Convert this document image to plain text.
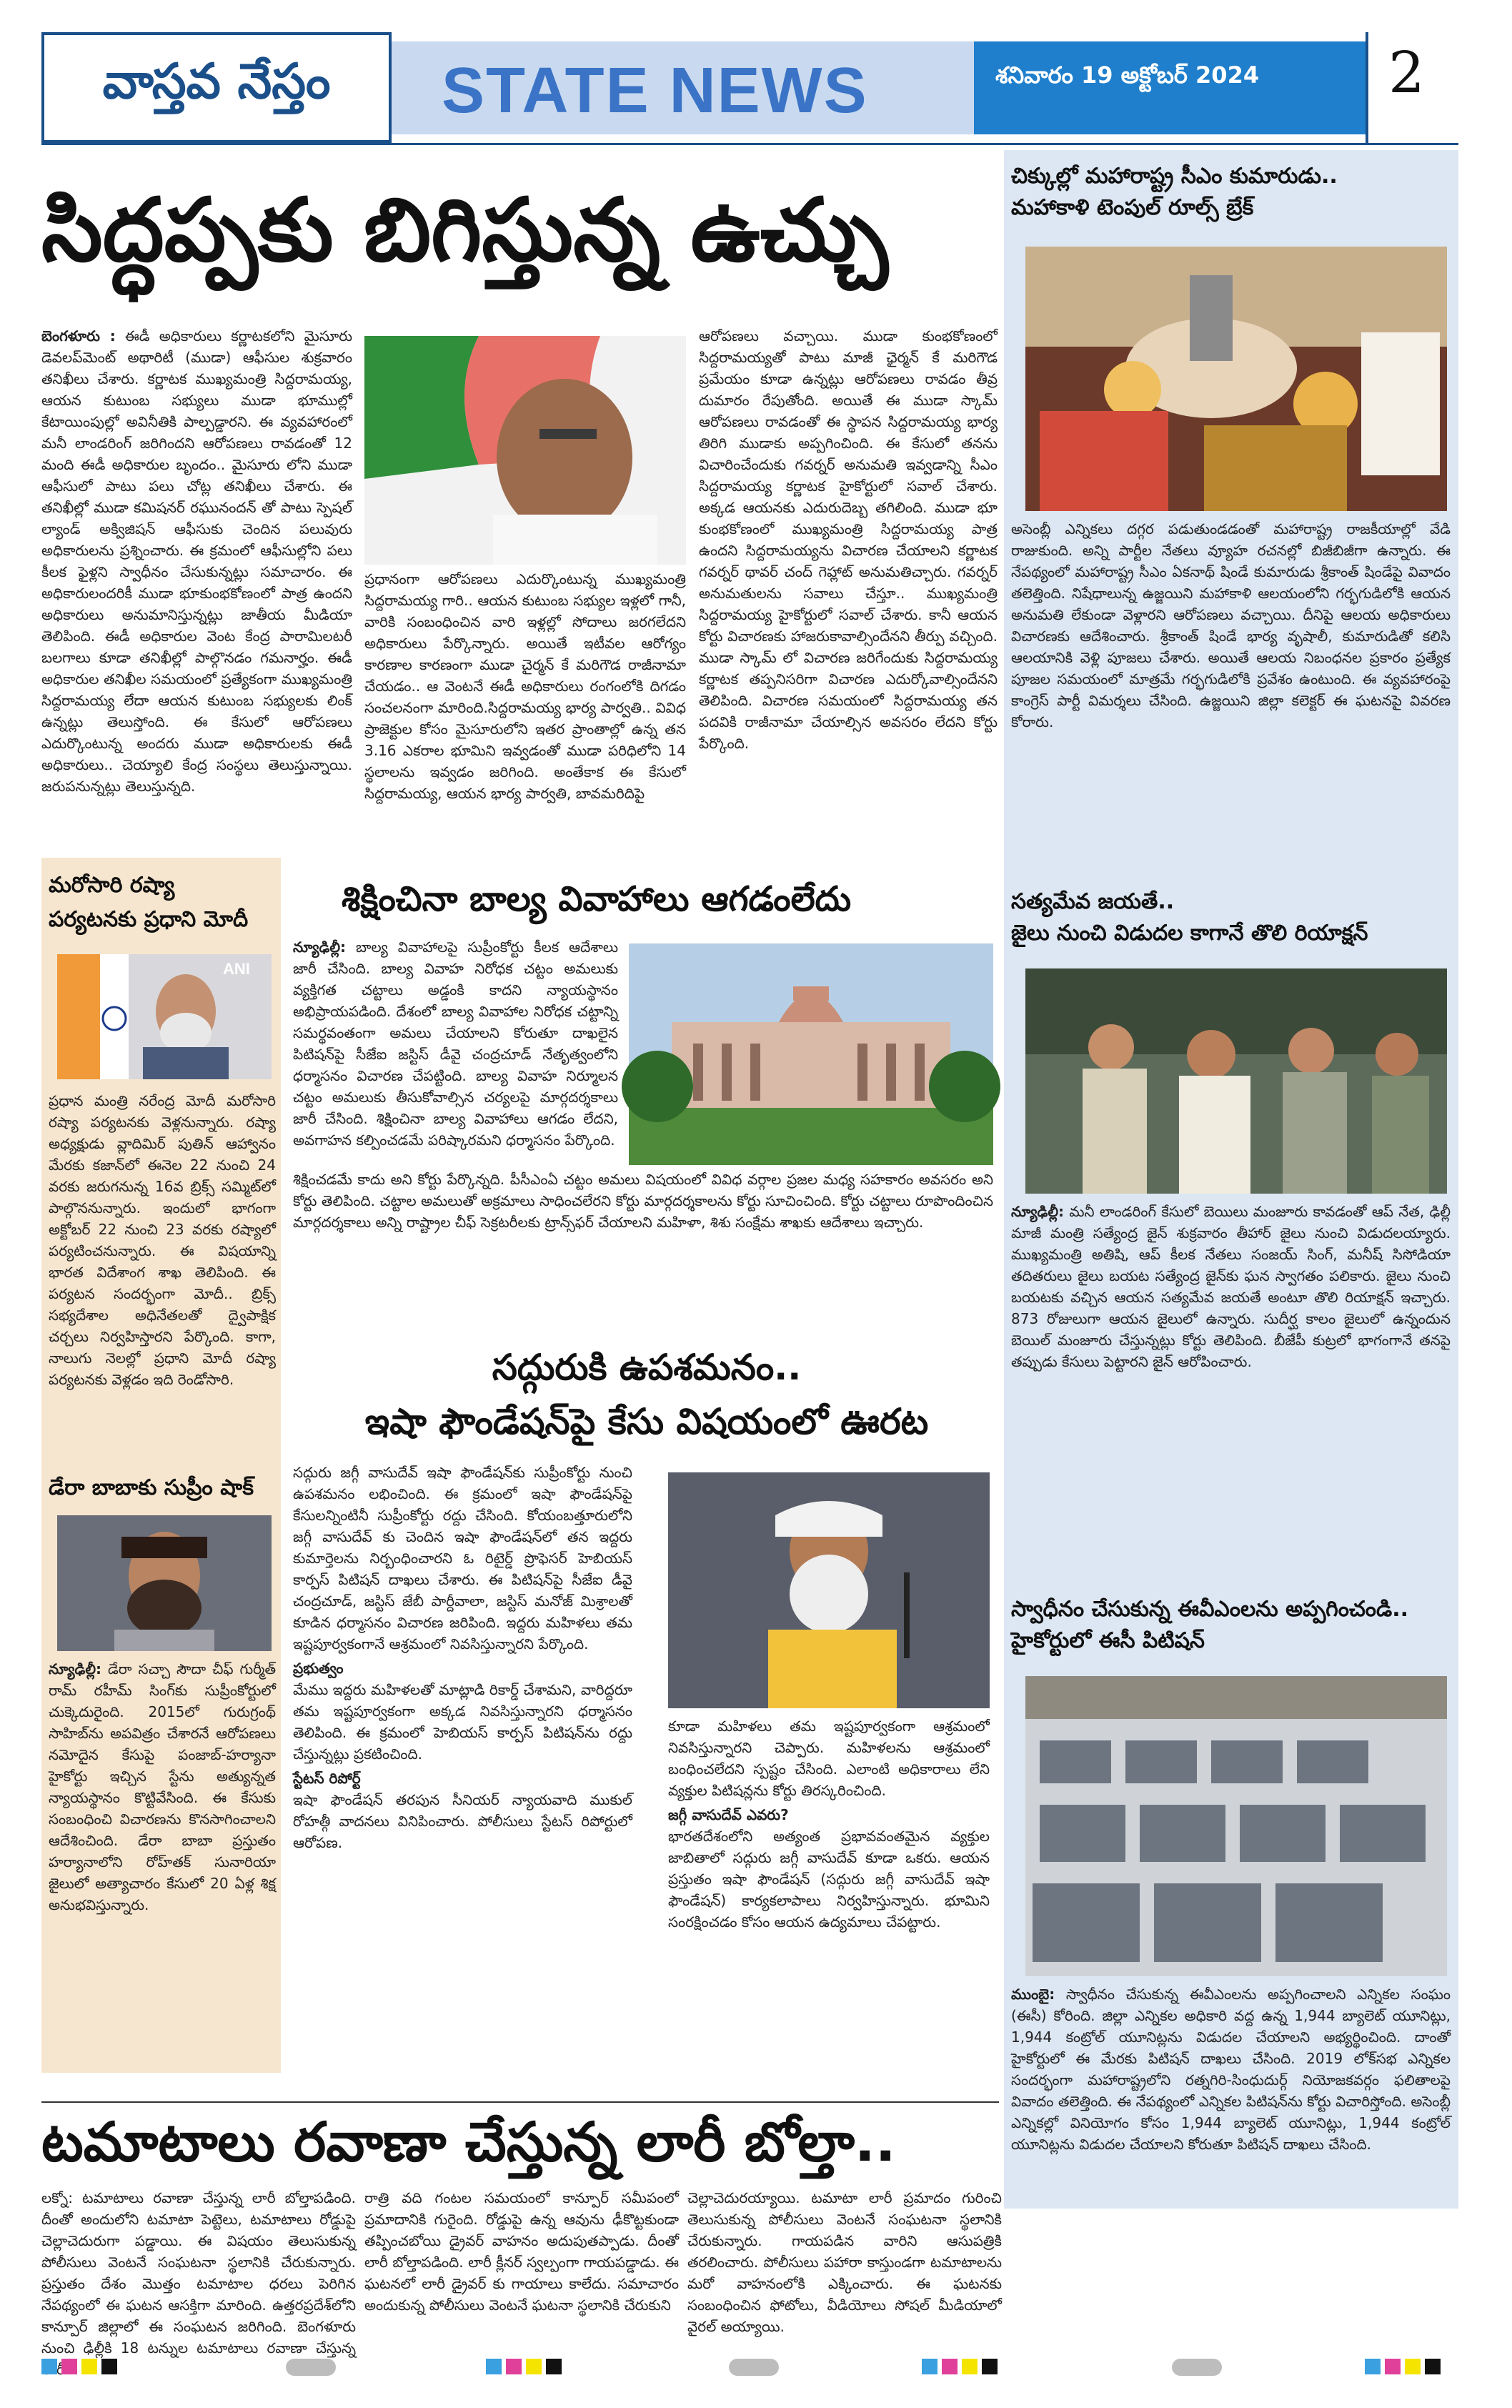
వాస్తవ నేస్తం STATE NEWS	శనివారం 19 అక్టోబర్ 2024 2
చిక్కుల్లో మహారాష్ట్ర సీఎం కుమారుడు..
మహాకాళి టెంపుల్ రూల్స్ బ్రేక్
అసెంబ్లీ ఎన్నికలు దగ్గర పడుతుండడంతో మహారాష్ట్ర రాజకీయాల్లో వేడి రాజుకుంది. అన్ని పార్టీల నేతలు వ్యూహ రచనల్లో బిజీబిజీగా ఉన్నారు. ఈ నేపథ్యంలో మహారాష్ట్ర సీఎం ఏకనాథ్ షిండే కుమారుడు శ్రీకాంత్ షిండేపై వివాదం తలెత్తింది. నిషేధాలున్న ఉజ్జయిని మహాకాళి ఆలయంలోని గర్భగుడిలోకి ఆయన అనుమతి లేకుండా వెళ్లారని ఆరోపణలు వచ్చాయి. దీనిపై ఆలయ అధికారులు విచారణకు ఆదేశించారు. శ్రీకాంత్ షిండే భార్య వృషాలీ, కుమారుడితో కలిసి ఆలయానికి వెళ్లి పూజలు చేశారు. అయితే ఆలయ నిబంధనల ప్రకారం ప్రత్యేక పూజల సమయంలో మాత్రమే గర్భగుడిలోకి ప్రవేశం ఉంటుంది. ఈ వ్యవహారంపై కాంగ్రెస్ పార్టీ విమర్శలు చేసింది. ఉజ్జయిని జిల్లా కలెక్టర్ ఈ ఘటనపై వివరణ కోరారు.
సత్యమేవ జయతే..
జైలు నుంచి విడుదల కాగానే తొలి రియాక్షన్
న్యూఢిల్లీ: మనీ లాండరింగ్ కేసులో బెయిలు మంజూరు కావడంతో ఆప్ నేత, ఢిల్లీ మాజీ మంత్రి సత్యేంద్ర జైన్ శుక్రవారం తీహార్ జైలు నుంచి విడుదలయ్యారు. ముఖ్యమంత్రి అతిషి, ఆప్ కీలక నేతలు సంజయ్ సింగ్, మనీష్ సిసోడియా తదితరులు జైలు బయట సత్యేంద్ర జైన్‌కు ఘన స్వాగతం పలికారు. జైలు నుంచి బయటకు వచ్చిన ఆయన సత్యమేవ జయతే అంటూ తొలి రియాక్షన్ ఇచ్చారు. 873 రోజులుగా ఆయన జైలులో ఉన్నారు. సుదీర్ఘ కాలం జైలులో ఉన్నందున బెయిల్ మంజూరు చేస్తున్నట్లు కోర్టు తెలిపింది. బీజేపీ కుట్రలో భాగంగానే తనపై తప్పుడు కేసులు పెట్టారని జైన్ ఆరోపించారు.
స్వాధీనం చేసుకున్న ఈవీఎంలను అప్పగించండి..
హైకోర్టులో ఈసీ పిటిషన్
ముంబై: స్వాధీనం చేసుకున్న ఈవీఎంలను అప్పగించాలని ఎన్నికల సంఘం (ఈసీ) కోరింది. జిల్లా ఎన్నికల అధికారి వద్ద ఉన్న 1,944 బ్యాలెట్ యూనిట్లు, 1,944 కంట్రోల్ యూనిట్లను విడుదల చేయాలని అభ్యర్థించింది. దాంతో హైకోర్టులో ఈ మేరకు పిటిషన్ దాఖలు చేసింది. 2019 లోక్‌సభ ఎన్నికల సందర్భంగా మహారాష్ట్రలోని రత్నగిరి-సింధుదుర్గ్ నియోజకవర్గం ఫలితాలపై వివాదం తలెత్తింది. ఈ నేపథ్యంలో ఎన్నికల పిటిషన్‌ను కోర్టు విచారిస్తోంది. అసెంబ్లీ ఎన్నికల్లో వినియోగం కోసం 1,944 బ్యాలెట్ యూనిట్లు, 1,944 కంట్రోల్ యూనిట్లను విడుదల చేయాలని కోరుతూ పిటిషన్ దాఖలు చేసింది.
సిద్ధప్పకు బిగిస్తున్న ఉచ్చు
బెంగళూరు : ఈడీ అధికారులు కర్ణాటకలోని మైసూరు డెవలప్‌మెంట్ అథారిటీ (ముడా) ఆఫీసుల శుక్రవారం తనిఖీలు చేశారు. కర్ణాటక ముఖ్యమంత్రి సిద్దరామయ్య, ఆయన కుటుంబ సభ్యులు ముడా భూముల్లో కేటాయింపుల్లో అవినీతికి పాల్పడ్డారని. ఈ వ్యవహారంలో మనీ లాండరింగ్ జరిగిందని ఆరోపణలు రావడంతో 12 మంది ఈడీ అధికారుల బృందం.. మైసూరు లోని ముడా ఆఫీసులో పాటు పలు చోట్ల తనిఖీలు చేశారు. ఈ తనిఖీల్లో ముడా కమిషనర్ రఘునందన్ తో పాటు స్పెషల్ ల్యాండ్ అక్విజిషన్ ఆఫీసుకు చెందిన పలువురు అధికారులను ప్రశ్నించారు. ఈ క్రమంలో ఆఫీసుల్లోని పలు కీలక ఫైళ్లని స్వాధీనం చేసుకున్నట్లు సమాచారం. ఈ అధికారులందరికీ ముడా భూకుంభకోణంలో పాత్ర ఉందని అధికారులు అనుమానిస్తున్నట్లు జాతీయ మీడియా తెలిపింది. ఈడీ అధికారుల వెంట కేంద్ర పారామిలటరీ బలగాలు కూడా తనిఖీల్లో పాల్గొనడం గమనార్హం. ఈడీ అధికారుల తనిఖీల సమయంలో ప్రత్యేకంగా ముఖ్యమంత్రి సిద్దరామయ్య లేదా ఆయన కుటుంబ సభ్యులకు లింక్ ఉన్నట్లు తెలుస్తోంది. ఈ కేసులో ఆరోపణలు ఎదుర్కొంటున్న అందరు ముడా అధికారులకు ఈడీ అధికారులు.. చెయ్యాలి కేంద్ర సంస్థలు తెలుస్తున్నాయి. జరుపనున్నట్లు తెలుస్తున్నది.
ప్రధానంగా ఆరోపణలు ఎదుర్కొంటున్న ముఖ్యమంత్రి సిద్దరామయ్య గారి.. ఆయన కుటుంబ సభ్యుల ఇళ్లలో గానీ, వారికి సంబంధించిన వారి ఇళ్లల్లో సోదాలు జరగలేదని అధికారులు పేర్కొన్నారు. అయితే ఇటీవల ఆరోగ్యం కారణాల కారణంగా ముడా చైర్మన్ కే మరిగౌడ రాజీనామా చేయడం.. ఆ వెంటనే ఈడీ అధికారులు రంగంలోకి దిగడం సంచలనంగా మారింది.సిద్దరామయ్య భార్య పార్వతి.. వివిధ ప్రాజెక్టుల కోసం మైసూరులోని ఇతర ప్రాంతాల్లో ఉన్న తన 3.16 ఎకరాల భూమిని ఇవ్వడంతో ముడా పరిధిలోని 14 స్థలాలను ఇవ్వడం జరిగింది. అంతేకాక ఈ కేసులో సిద్దరామయ్య, ఆయన భార్య పార్వతి, బావమరిదిపై
ఆరోపణలు వచ్చాయి. ముడా కుంభకోణంలో సిద్దరామయ్యతో పాటు మాజీ ఛైర్మన్ కే మరిగౌడ ప్రమేయం కూడా ఉన్నట్లు ఆరోపణలు రావడం తీవ్ర దుమారం రేపుతోంది. అయితే ఈ ముడా స్కామ్ ఆరోపణలు రావడంతో ఈ స్థాపన సిద్దరామయ్య భార్య తిరిగి ముడాకు అప్పగించింది. ఈ కేసులో తనను విచారించేందుకు గవర్నర్ అనుమతి ఇవ్వడాన్ని సీఎం సిద్దరామయ్య కర్ణాటక హైకోర్టులో సవాల్ చేశారు. అక్కడ ఆయనకు ఎదురుదెబ్బ తగిలింది. ముడా భూ కుంభకోణంలో ముఖ్యమంత్రి సిద్దరామయ్య పాత్ర ఉందని సిద్దరామయ్యను విచారణ చేయాలని కర్ణాటక గవర్నర్ థావర్ చంద్ గెహ్లాట్ అనుమతిచ్చారు. గవర్నర్ అనుమతులను సవాలు చేస్తూ.. ముఖ్యమంత్రి సిద్దరామయ్య హైకోర్టులో సవాల్ చేశారు. కానీ ఆయన కోర్టు విచారణకు హాజరుకావాల్సిందేనని తీర్పు వచ్చింది. ముడా స్కామ్ లో విచారణ జరిగేందుకు సిద్దరామయ్య కర్ణాటక తప్పనిసరిగా విచారణ ఎదుర్కోవాల్సిందేనని తెలిపింది. విచారణ సమయంలో సిద్దరామయ్య తన పదవికి రాజీనామా చేయాల్సిన అవసరం లేదని కోర్టు పేర్కొంది.
మరోసారి రష్యా
పర్యటనకు ప్రధాని మోదీ
ANI
ప్రధాన మంత్రి నరేంద్ర మోదీ మరోసారి రష్యా పర్యటనకు వెళ్లనున్నారు. రష్యా అధ్యక్షుడు వ్లాదిమిర్ పుతిన్ ఆహ్వానం మేరకు కజాన్‌లో ఈనెల 22 నుంచి 24 వరకు జరుగనున్న 16వ బ్రిక్స్ సమ్మిట్‌లో పాల్గొననున్నారు. ఇందులో భాగంగా అక్టోబర్ 22 నుంచి 23 వరకు రష్యాలో పర్యటించనున్నారు. ఈ విషయాన్ని భారత విదేశాంగ శాఖ తెలిపింది. ఈ పర్యటన సందర్భంగా మోదీ.. బ్రిక్స్ సభ్యదేశాల అధినేతలతో ద్వైపాక్షిక చర్చలు నిర్వహిస్తారని పేర్కొంది. కాగా, నాలుగు నెలల్లో ప్రధాని మోదీ రష్యా పర్యటనకు వెళ్లడం ఇది రెండోసారి.
డేరా బాబాకు సుప్రీం షాక్
న్యూఢిల్లీ: డేరా సచ్చా సౌదా చీఫ్ గుర్మీత్ రామ్ రహీమ్ సింగ్‌కు సుప్రీంకోర్టులో చుక్కెదురైంది. 2015లో గురుగ్రంథ్ సాహిబ్‌ను అపవిత్రం చేశారనే ఆరోపణలు నమోదైన కేసుపై పంజాబ్-హర్యానా హైకోర్టు ఇచ్చిన స్టేను అత్యున్నత న్యాయస్థానం కొట్టివేసింది. ఈ కేసుకు సంబంధించి విచారణను కొనసాగించాలని ఆదేశించింది. డేరా బాబా ప్రస్తుతం హర్యానాలోని రోహ్‌తక్ సునారియా జైలులో అత్యాచారం కేసులో 20 ఏళ్ల శిక్ష అనుభవిస్తున్నారు.
శిక్షించినా బాల్య వివాహాలు ఆగడంలేదు
న్యూఢిల్లీ: బాల్య వివాహాలపై సుప్రీంకోర్టు కీలక ఆదేశాలు జారీ చేసింది. బాల్య వివాహ నిరోధక చట్టం అమలుకు వ్యక్తిగత చట్టాలు అడ్డంకి కాదని న్యాయస్థానం అభిప్రాయపడింది. దేశంలో బాల్య వివాహాల నిరోధక చట్టాన్ని సమర్థవంతంగా అమలు చేయాలని కోరుతూ దాఖలైన పిటిషన్‌పై సీజేఐ జస్టిస్ డీవై చంద్రచూడ్ నేతృత్వంలోని ధర్మాసనం విచారణ చేపట్టింది. బాల్య వివాహ నిర్మూలన చట్టం అమలుకు తీసుకోవాల్సిన చర్యలపై మార్గదర్శకాలు జారీ చేసింది. శిక్షించినా బాల్య వివాహాలు ఆగడం లేదని, అవగాహన కల్పించడమే పరిష్కారమని ధర్మాసనం పేర్కొంది.
శిక్షించడమే కాదు అని కోర్టు పేర్కొన్నది. పీసీఎంఏ చట్టం అమలు విషయంలో వివిధ వర్గాల ప్రజల మధ్య సహకారం అవసరం అని కోర్టు తెలిపింది. చట్టాల అమలుతో అక్రమాలు సాధించలేరని కోర్టు మార్గదర్శకాలను కోర్టు సూచించింది. కోర్టు చట్టాలు రూపొందించిన మార్గదర్శకాలు అన్ని రాష్ట్రాల చీఫ్ సెక్రటరీలకు ట్రాన్స్‌ఫర్ చేయాలని మహిళా, శిశు సంక్షేమ శాఖకు ఆదేశాలు ఇచ్చారు.
సద్గురుకి ఉపశమనం..
ఇషా ఫౌండేషన్‌పై కేసు విషయంలో ఊరట
సద్గురు జగ్గీ వాసుదేవ్ ఇషా ఫౌండేషన్‌కు సుప్రీంకోర్టు నుంచి ఉపశమనం లభించింది. ఈ క్రమంలో ఇషా ఫౌండేషన్‌పై కేసులన్నింటినీ సుప్రీంకోర్టు రద్దు చేసింది. కోయంబత్తూరులోని జగ్గీ వాసుదేవ్ కు చెందిన ఇషా ఫౌండేషన్‌లో తన ఇద్దరు కుమార్తెలను నిర్బంధించారని ఓ రిటైర్డ్ ప్రొఫెసర్ హెబియస్ కార్పస్ పిటిషన్ దాఖలు చేశారు. ఈ పిటిషన్‌పై సీజేఐ డీవై చంద్రచూడ్, జస్టిస్ జేబీ పార్దీవాలా, జస్టిస్ మనోజ్ మిశ్రాలతో కూడిన ధర్మాసనం విచారణ జరిపింది. ఇద్దరు మహిళలు తమ ఇష్టపూర్వకంగానే ఆశ్రమంలో నివసిస్తున్నారని పేర్కొంది.
ప్రభుత్వం
మేము ఇద్దరు మహిళలతో మాట్లాడి రికార్డ్ చేశామని, వారిద్దరూ తమ ఇష్టపూర్వకంగా అక్కడ నివసిస్తున్నారని ధర్మాసనం తెలిపింది. ఈ క్రమంలో హెబియస్ కార్పస్ పిటిషన్‌ను రద్దు చేస్తున్నట్లు ప్రకటించింది.
స్టేటస్ రిపోర్ట్
ఇషా ఫౌండేషన్ తరపున సీనియర్ న్యాయవాది ముకుల్ రోహత్గీ వాదనలు వినిపించారు. పోలీసులు స్టేటస్ రిపోర్టులో ఆరోపణ.
కూడా మహిళలు తమ ఇష్టపూర్వకంగా ఆశ్రమంలో నివసిస్తున్నారని చెప్పారు. మహిళలను ఆశ్రమంలో బంధించలేదని స్పష్టం చేసింది. ఎలాంటి అధికారాలు లేని వ్యక్తుల పిటిషన్లను కోర్టు తిరస్కరించింది.
జగ్గీ వాసుదేవ్ ఎవరు?
భారతదేశంలోని అత్యంత ప్రభావవంతమైన వ్యక్తుల జాబితాలో సద్గురు జగ్గీ వాసుదేవ్ కూడా ఒకరు. ఆయన ప్రస్తుతం ఇషా ఫౌండేషన్ (సద్గురు జగ్గీ వాసుదేవ్ ఇషా ఫౌండేషన్) కార్యకలాపాలు నిర్వహిస్తున్నారు. భూమిని సంరక్షించడం కోసం ఆయన ఉద్యమాలు చేపట్టారు.
టమాటాలు రవాణా చేస్తున్న లారీ బోల్తా..
లక్నో: టమాటాలు రవాణా చేస్తున్న లారీ బోల్తాపడింది. దీంతో అందులోని టమాటా పెట్టెలు, టమాటాలు రోడ్డుపై చెల్లాచెదురుగా పడ్డాయి. ఈ విషయం తెలుసుకున్న పోలీసులు వెంటనే సంఘటనా స్థలానికి చేరుకున్నారు. ప్రస్తుతం దేశం మొత్తం టమాటాల ధరలు పెరిగిన నేపథ్యంలో ఈ ఘటన ఆసక్తిగా మారింది. ఉత్తరప్రదేశ్‌లోని కాన్పూర్ జిల్లాలో ఈ సంఘటన జరిగింది. బెంగళూరు నుంచి ఢిల్లీకి 18 టన్నుల టమాటాలు రవాణా చేస్తున్న
రాత్రి వది గంటల సమయంలో కాన్పూర్ సమీపంలో ప్రమాదానికి గురైంది. రోడ్డుపై ఉన్న ఆవును ఢీకొట్టకుండా తప్పించబోయి డ్రైవర్ వాహనం అదుపుతప్పాడు. దీంతో లారీ బోల్తాపడింది. లారీ క్లీనర్ స్వల్పంగా గాయపడ్డాడు. ఈ ఘటనలో లారీ డ్రైవర్ కు గాయాలు కాలేదు. సమాచారం అందుకున్న పోలీసులు వెంటనే ఘటనా స్థలానికి చేరుకుని
చెల్లాచెదురయ్యాయి. టమాటా లారీ ప్రమాదం గురించి తెలుసుకున్న పోలీసులు వెంటనే సంఘటనా స్థలానికి చేరుకున్నారు. గాయపడిన వారిని ఆసుపత్రికి తరలించారు. పోలీసులు పహారా కాస్తుండగా టమాటాలను మరో వాహనంలోకి ఎక్కించారు. ఈ ఘటనకు సంబంధించిన ఫోటోలు, వీడియోలు సోషల్ మీడియాలో వైరల్ అయ్యాయి.
